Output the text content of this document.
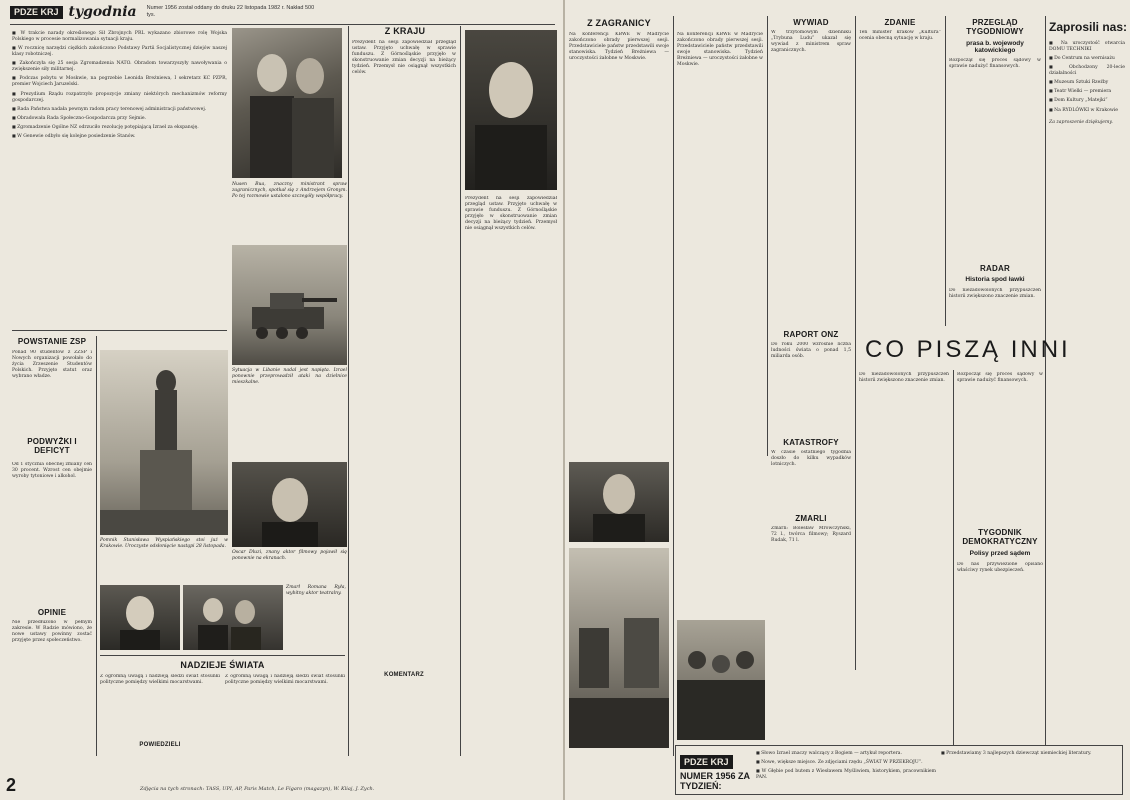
PDZE KRJ tygodnia Numer 1956 został oddany do druku 22 listopada 1982 r. Nakład 500 tys.

■ W trakcie narady określonego Sił Zbrojnych PRL wykazano zbiorowe rolę Wojska Polskiego w procesie normalizowania sytuacji kraju.

■ W rocznicę narzędzi ciężkich zakończono Podstawy Partii Socjalistycznej dziejów naszej klasy robotniczej.

■ Zakończyła się 25 sesja Zgromadzenia NATO. Obradom towarzyszyły nawoływania o zwiększenie siły militarnej.

■ Podczas pobytu w Moskwie, na pogrzebie Leonida Breżniewa, I sekretarz KC PZPR, premier Wojciech Jaruzelski.

■ Prezydium Rządu rozpatrzyło propozycje zmiany niektórych mechanizmów reformy gospodarczej.

■ Rada Państwa nadała pewnym radom pracy terenowej administracji państwowej.

■ Obradowała Rada Społeczno-Gospodarcza przy Sejmie.

■ Zgromadzenie Ogólne NZ odrzuciło rezolucję potępiającą Izrael za ekspansję.

■ W Genewie odbyło się kolejne posiedzenie Stanów.

POWSTANIE ZSP
Ponad 90 studentów z ZZSP i Nowych organizacji powołało do życia Zrzeszenie Studentów Polskich. Przyjęto statut oraz wybrano władze.
PODWYŻKI I DEFICYT
Od 1 stycznia obecnej zmiany cen 30 procent. Wzrost cen obejmie wyroby tytoniowe i alkohol.
OPINIE
Nie przedłużono w pełnym zakresie. W Radzie mówiono, że nowe ustawy powinny zostać przyjęte przez społeczeństwo.
Nusen Bua, znaczny ministrant spraw zagranicznych, spotkał się z Andrzejem Gronym. Po tej rozmowie ustalono szczegóły współpracy.
Z KRAJU
Prezydent na sesji zapowiedział przegląd ustaw. Przyjęto uchwałę w sprawie funduszu. Z Górnośląskie przyjęło w skonstruowanie zmian decyzji na bieżący tydzień. Przemysł nie osiągnął wszystkich celów.
Prezydent na sesji zapowiedział przegląd ustaw. Przyjęto uchwałę w sprawie funduszu. Z Górnośląskie przyjęło w skonstruowanie zmian decyzji na bieżący tydzień. Przemysł nie osiągnął wszystkich celów.
Sytuacja w Libanie nadal jest napięta. Izrael ponownie przeprowadził ataki na dzielnice mieszkalne.
Pomnik Stanisława Wyspiańskiego stoi już w Krakowie. Uroczyste odsłonięcie nastąpi 28 listopada.
Zmarł Romana Ryła, wybitny aktor teatralny.
Oscar Dluzi, znany aktor filmowy pojawił się ponownie na ekranach.
NADZIEJE ŚWIATA
Z ogromną uwagą i nadzieją śledzi świat stosunki polityczne pomiędzy wielkimi mocarstwami.
Z ogromną uwagą i nadzieją śledzi świat stosunki polityczne pomiędzy wielkimi mocarstwami.
POWIEDZIELI
KOMENTARZ
2	Zdjęcia na tych stronach: TASS, UPI, AP, Paris Match, Le Figaro (magazyn), W. Kliaj, J. Zych.
Z ZAGRANICY
Na konferencji KBWE w Madrycie zakończono obrady pierwszej sesji. Przedstawiciele państw przedstawili swoje stanowiska. Tydzień Breżniewa — uroczystości żałobne w Moskwie.
Na konferencji KBWE w Madrycie zakończono obrady pierwszej sesji. Przedstawiciele państw przedstawili swoje stanowiska. Tydzień Breżniewa — uroczystości żałobne w Moskwie.
WYWIAD
W trzytomowym dzienniku „Trybuna Ludu” ukazał się wywiad z ministrem spraw zagranicznych.
RAPORT ONZ
Do roku 2000 wzrośnie liczba ludności świata o ponad 1,5 miliarda osób.
ZDANIE
Ten minister kraków „Kultura” ocenia obecną sytuację w kraju.
PRZEGLĄD TYGODNIOWY
prasa b. wojewody katowickiego
Rozpoczął się proces sądowy w sprawie nadużyć finansowych.
RADAR
Historia spod ławki
Do niezadowolonych przypuszczeń historii zwiększono znaczenie zmian.
CO PISZĄ INNI
Do niezadowolonych przypuszczeń historii zwiększono znaczenie zmian.
Rozpoczął się proces sądowy w sprawie nadużyć finansowych.
TYGODNIK DEMOKRATYCZNY
Polisy przed sądem
Do nas przywiezione opisano właściwy rynek ubezpieczeń.
KATASTROFY
W czasie ostatniego tygodnia doszło do kilku wypadków lotniczych.
ZMARLI
Zmarli: Bolesław Mrówczyński, 72 l., twórca filmowy; Ryszard Rudak, 71 l.
Zaprosili nas:

■ Na uroczystość otwarcia DOMU TECHNIKI

■ Do Centrum na wernisażu

■ Obchodzony 20-lecie działalności

■ Muzeum Sztuki Rzeźby

■ Teatr Wielki — premiera

■ Dom Kultury „Matejki”

■ Na RYDLÓWKI w Krakowie

Za zaproszenie dziękujemy.

PDZE KRJ
NUMER 1956 ZA TYDZIEŃ:

■ Słowo Izrael znaczy walczący z Bogiem — artykuł reportera.

■ Nowe, większe miejsce. Ze zdjęciami rzędu „ŚWIAT W PRZEKROJU”.

■ W Głębie pod butem z Wiesławem Myśliwiem, historykiem, pracownikiem PAN.

■ Przedstawiamy 3 najlepszych dziewcząt niemieckiej literatury.
